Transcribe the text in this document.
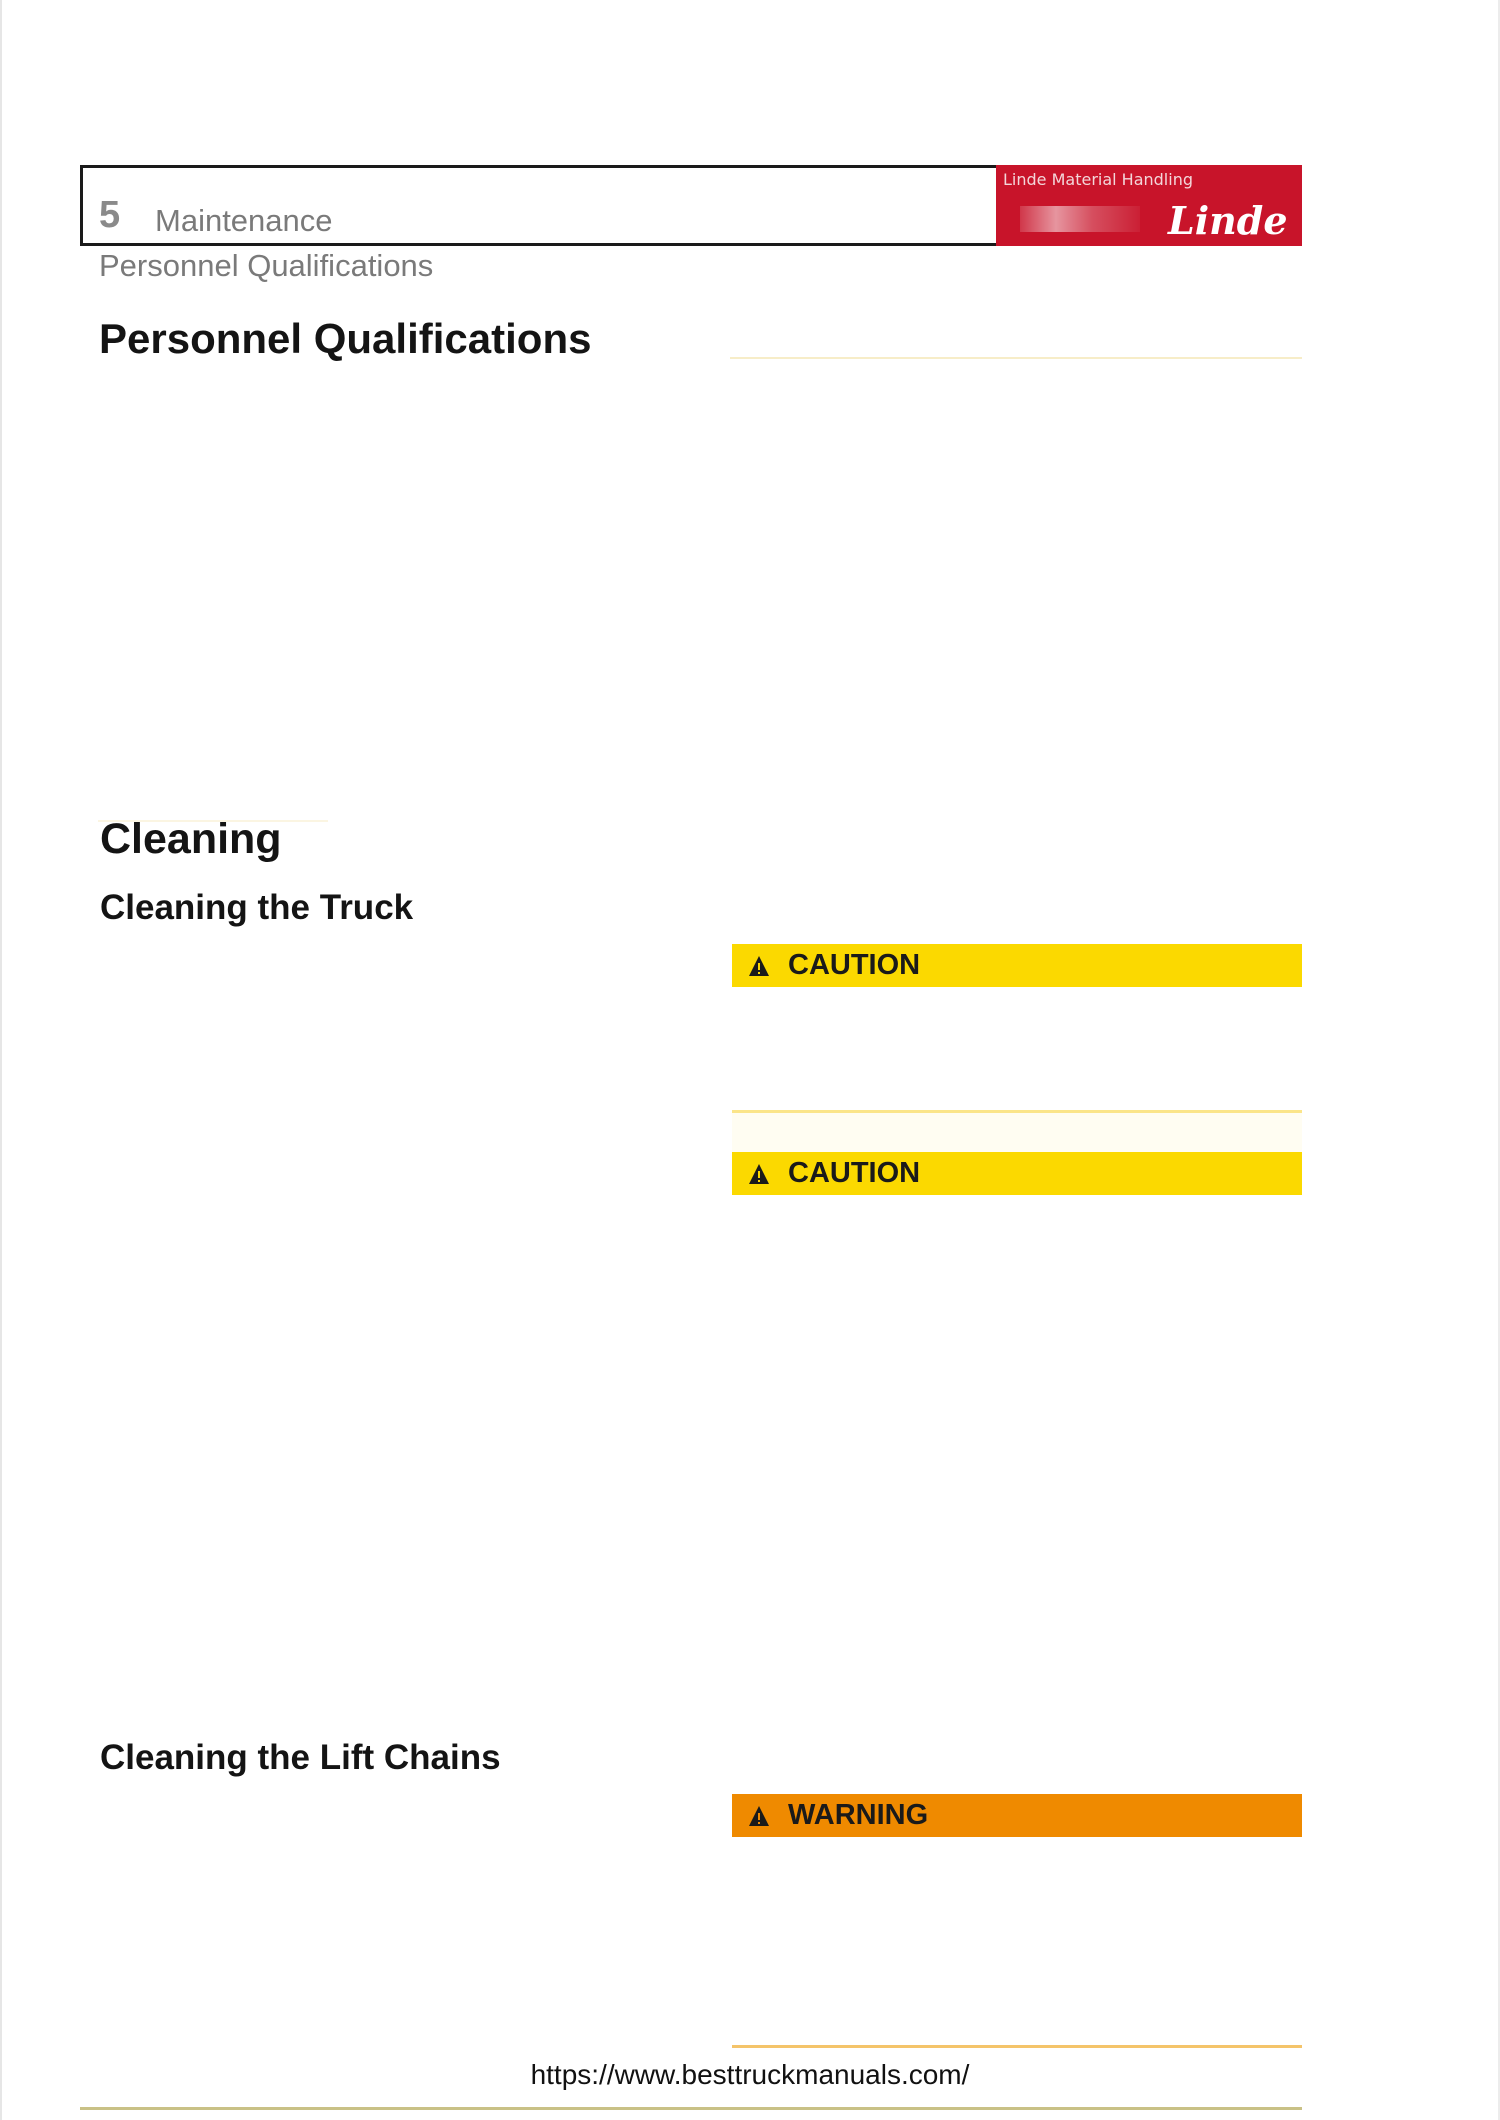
5 Maintenance
Linde Material Handling
Linde
Personnel Qualifications
Personnel Qualifications
Cleaning
Cleaning the Truck
CAUTION
CAUTION
Cleaning the Lift Chains
WARNING
https://www.besttruckmanuals.com/
